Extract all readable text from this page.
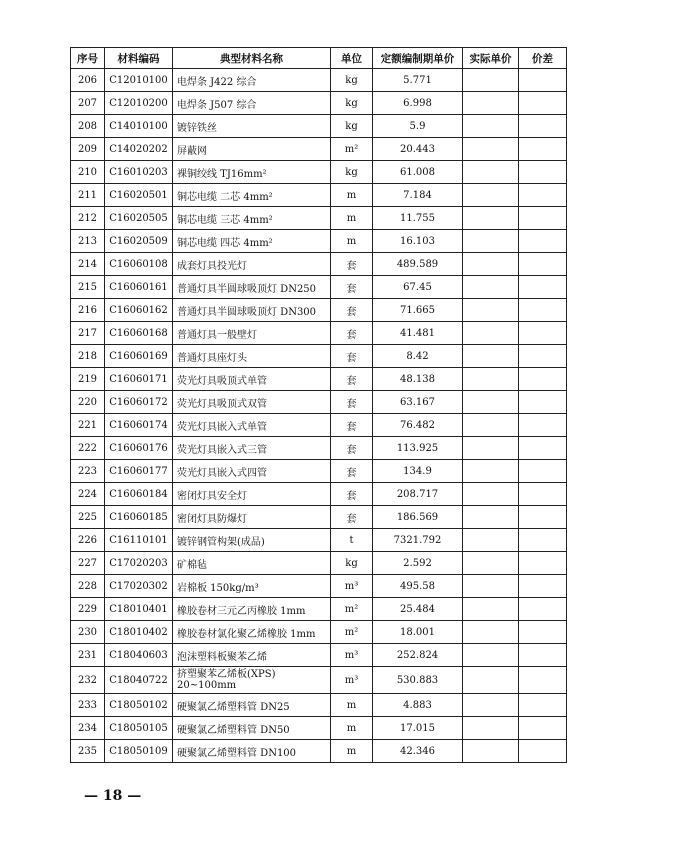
序号	材料编码	典型材料名称	单位	定额编制期单价	实际单价	价差
206	C12010100	电焊条 J422 综合	kg	5.771		
207	C12010200	电焊条 J507 综合	kg	6.998		
208	C14010100	镀锌铁丝	kg	5.9		
209	C14020202	屏蔽网	m²	20.443		
210	C16010203	裸铜绞线 TJ16mm²	kg	61.008		
211	C16020501	铜芯电缆 二芯 4mm²	m	7.184		
212	C16020505	铜芯电缆 三芯 4mm²	m	11.755		
213	C16020509	铜芯电缆 四芯 4mm²	m	16.103		
214	C16060108	成套灯具投光灯	套	489.589		
215	C16060161	普通灯具半圆球吸顶灯 DN250	套	67.45		
216	C16060162	普通灯具半圆球吸顶灯 DN300	套	71.665		
217	C16060168	普通灯具一般壁灯	套	41.481		
218	C16060169	普通灯具座灯头	套	8.42		
219	C16060171	荧光灯具吸顶式单管	套	48.138		
220	C16060172	荧光灯具吸顶式双管	套	63.167		
221	C16060174	荧光灯具嵌入式单管	套	76.482		
222	C16060176	荧光灯具嵌入式三管	套	113.925		
223	C16060177	荧光灯具嵌入式四管	套	134.9		
224	C16060184	密闭灯具安全灯	套	208.717		
225	C16060185	密闭灯具防爆灯	套	186.569		
226	C16110101	镀锌钢管构架(成品)	t	7321.792		
227	C17020203	矿棉毡	kg	2.592		
228	C17020302	岩棉板 150kg/m³	m³	495.58		
229	C18010401	橡胶卷材三元乙丙橡胶 1mm	m²	25.484		
230	C18010402	橡胶卷材氯化聚乙烯橡胶 1mm	m²	18.001		
231	C18040603	泡沫塑料板聚苯乙烯	m³	252.824		
232	C18040722	挤塑聚苯乙烯板(XPS) 20~100mm	m³	530.883		
233	C18050102	硬聚氯乙烯塑料管 DN25	m	4.883		
234	C18050105	硬聚氯乙烯塑料管 DN50	m	17.015		
235	C18050109	硬聚氯乙烯塑料管 DN100	m	42.346		
— 18 —
